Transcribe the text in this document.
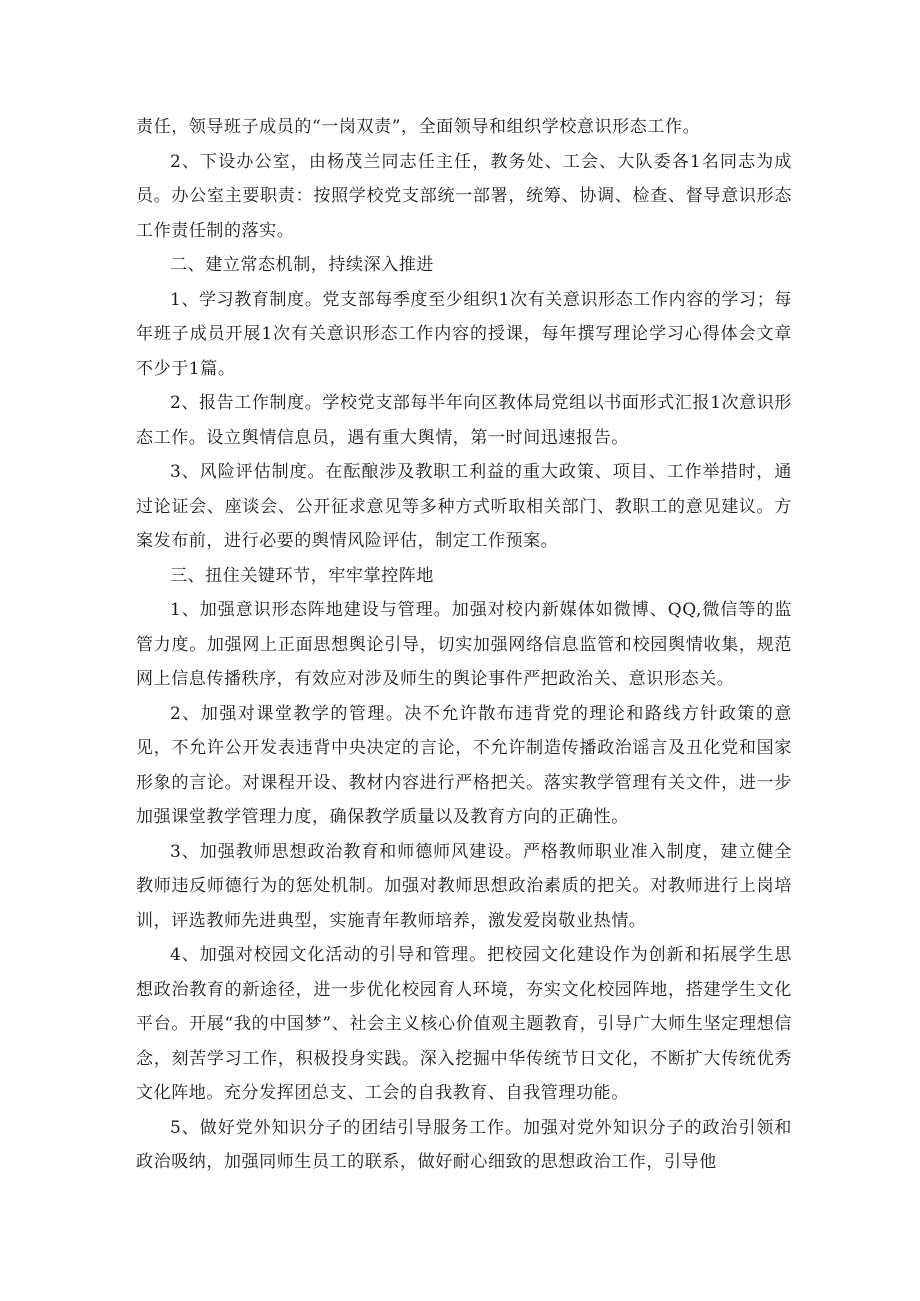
责任，领导班子成员的“一岗双责”，全面领导和组织学校意识形态工作。

2、下设办公室，由杨茂兰同志任主任，教务处、工会、大队委各1名同志为成员。办公室主要职责：按照学校党支部统一部署，统筹、协调、检查、督导意识形态工作责任制的落实。

二、建立常态机制，持续深入推进

1、学习教育制度。党支部每季度至少组织1次有关意识形态工作内容的学习；每年班子成员开展1次有关意识形态工作内容的授课，每年撰写理论学习心得体会文章不少于1篇。

2、报告工作制度。学校党支部每半年向区教体局党组以书面形式汇报1次意识形态工作。设立舆情信息员，遇有重大舆情，第一时间迅速报告。

3、风险评估制度。在酝酿涉及教职工利益的重大政策、项目、工作举措时，通过论证会、座谈会、公开征求意见等多种方式听取相关部门、教职工的意见建议。方案发布前，进行必要的舆情风险评估，制定工作预案。

三、扭住关键环节，牢牢掌控阵地

1、加强意识形态阵地建设与管理。加强对校内新媒体如微博、QQ,微信等的监管力度。加强网上正面思想舆论引导，切实加强网络信息监管和校园舆情收集，规范网上信息传播秩序，有效应对涉及师生的舆论事件严把政治关、意识形态关。

2、加强对课堂教学的管理。决不允许散布违背党的理论和路线方针政策的意见，不允许公开发表违背中央决定的言论，不允许制造传播政治谣言及丑化党和国家形象的言论。对课程开设、教材内容进行严格把关。落实教学管理有关文件，进一步加强课堂教学管理力度，确保教学质量以及教育方向的正确性。

3、加强教师思想政治教育和师德师风建设。严格教师职业准入制度，建立健全教师违反师德行为的惩处机制。加强对教师思想政治素质的把关。对教师进行上岗培训，评选教师先进典型，实施青年教师培养，激发爱岗敬业热情。

4、加强对校园文化活动的引导和管理。把校园文化建设作为创新和拓展学生思想政治教育的新途径，进一步优化校园育人环境，夯实文化校园阵地，搭建学生文化平台。开展“我的中国梦”、社会主义核心价值观主题教育，引导广大师生坚定理想信念，刻苦学习工作，积极投身实践。深入挖掘中华传统节日文化，不断扩大传统优秀文化阵地。充分发挥团总支、工会的自我教育、自我管理功能。

5、做好党外知识分子的团结引导服务工作。加强对党外知识分子的政治引领和政治吸纳，加强同师生员工的联系，做好耐心细致的思想政治工作，引导他
